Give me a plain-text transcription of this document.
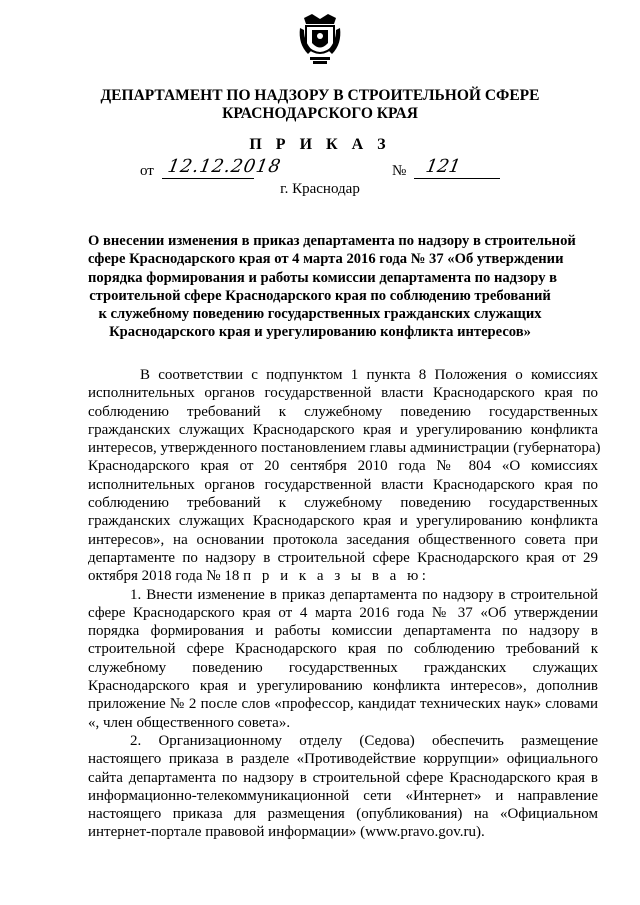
ДЕПАРТАМЕНТ ПО НАДЗОРУ В СТРОИТЕЛЬНОЙ СФЕРЕ
КРАСНОДАРСКОГО КРАЯ
П Р И К А З
от 12.12.2018	№ 121
г. Краснодар
О внесении изменения в приказ департамента по надзору в строительной
сфере Краснодарского края от 4 марта 2016 года № 37 «Об утверждении
порядка формирования и работы комиссии департамента по надзору в
строительной сфере Краснодарского края по соблюдению требований
к служебному поведению государственных гражданских служащих
Краснодарского края и урегулированию конфликта интересов»
В соответствии с подпунктом 1 пункта 8 Положения о комиссиях
исполнительных органов государственной власти Краснодарского края по
соблюдению требований к служебному поведению государственных
гражданских служащих Краснодарского края и урегулированию конфликта
интересов, утвержденного постановлением главы администрации (губернатора)
Краснодарского края от 20 сентября 2010 года № 804 «О комиссиях
исполнительных органов государственной власти Краснодарского края по
соблюдению требований к служебному поведению государственных
гражданских служащих Краснодарского края и урегулированию конфликта
интересов», на основании протокола заседания общественного совета при
департаменте по надзору в строительной сфере Краснодарского края от 29
октября 2018 года № 18 п р и к а з ы в а ю:
1. Внести изменение в приказ департамента по надзору в строительной
сфере Краснодарского края от 4 марта 2016 года № 37 «Об утверждении
порядка формирования и работы комиссии департамента по надзору в
строительной сфере Краснодарского края по соблюдению требований к
служебному поведению государственных гражданских служащих
Краснодарского края и урегулированию конфликта интересов», дополнив
приложение № 2 после слов «профессор, кандидат технических наук» словами
«, член общественного совета».
2. Организационному отделу (Седова) обеспечить размещение
настоящего приказа в разделе «Противодействие коррупции» официального
сайта департамента по надзору в строительной сфере Краснодарского края в
информационно-телекоммуникационной сети «Интернет» и направление
настоящего приказа для размещения (опубликования) на «Официальном
интернет-портале правовой информации» (www.pravo.gov.ru).
